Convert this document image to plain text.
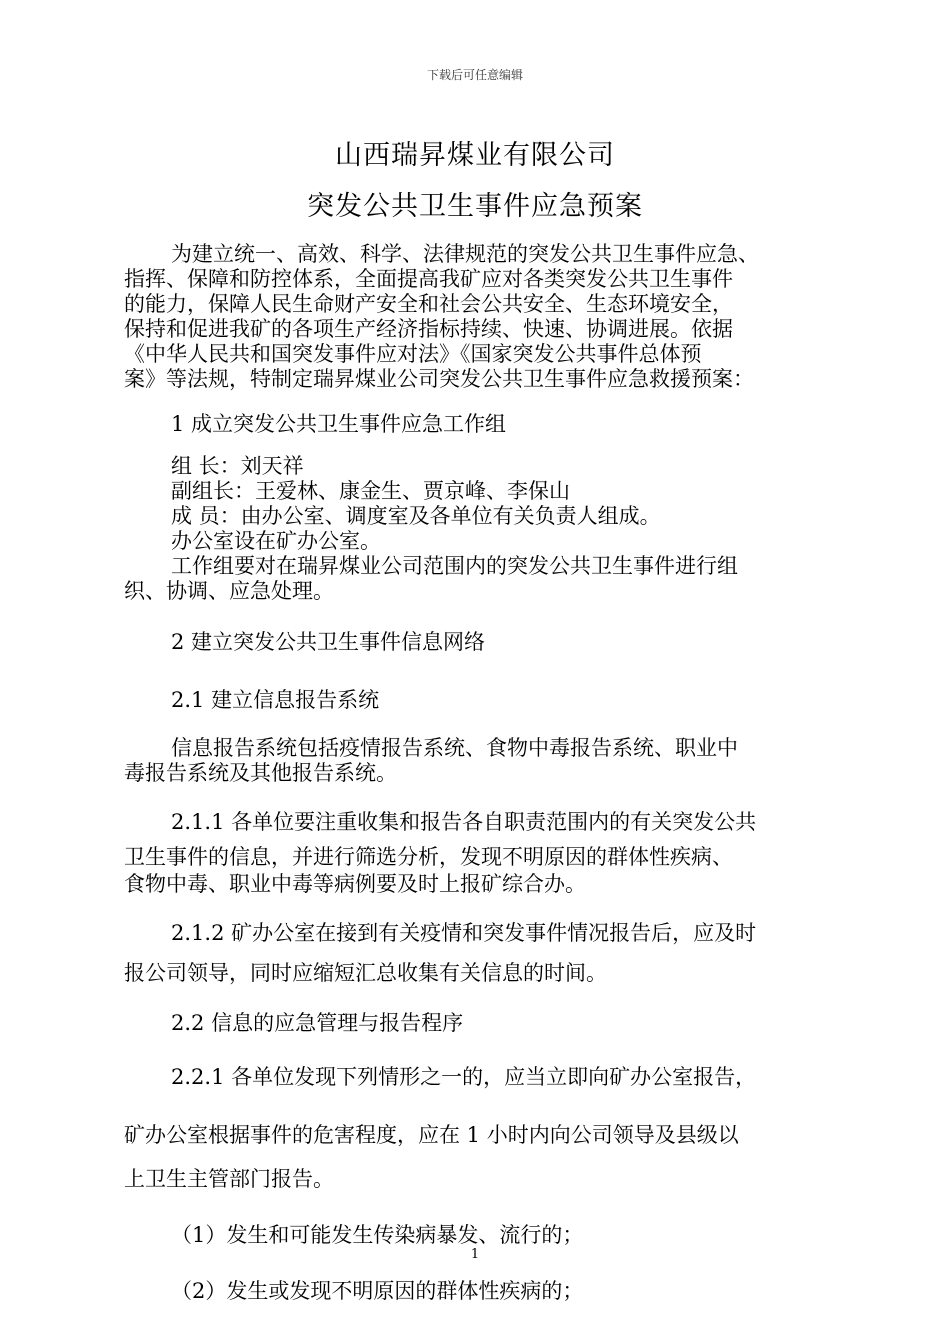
下载后可任意编辑
山西瑞昇煤业有限公司
突发公共卫生事件应急预案

为建立统一、高效、科学、法律规范的突发公共卫生事件应急、

指挥、保障和防控体系，全面提高我矿应对各类突发公共卫生事件

的能力，保障人民生命财产安全和社会公共安全、生态环境安全，

保持和促进我矿的各项生产经济指标持续、快速、协调进展。依据

《中华人民共和国突发事件应对法》《国家突发公共事件总体预

案》等法规，特制定瑞昇煤业公司突发公共卫生事件应急救援预案：

1 成立突发公共卫生事件应急工作组

组 长：刘天祥

副组长：王爱林、康金生、贾京峰、李保山

成 员：由办公室、调度室及各单位有关负责人组成。

办公室设在矿办公室。

工作组要对在瑞昇煤业公司范围内的突发公共卫生事件进行组

织、协调、应急处理。

2 建立突发公共卫生事件信息网络

2.1 建立信息报告系统

信息报告系统包括疫情报告系统、食物中毒报告系统、职业中

毒报告系统及其他报告系统。

2.1.1 各单位要注重收集和报告各自职责范围内的有关突发公共

卫生事件的信息，并进行筛选分析，发现不明原因的群体性疾病、

食物中毒、职业中毒等病例要及时上报矿综合办。

2.1.2 矿办公室在接到有关疫情和突发事件情况报告后，应及时

报公司领导，同时应缩短汇总收集有关信息的时间。

2.2 信息的应急管理与报告程序

2.2.1 各单位发现下列情形之一的，应当立即向矿办公室报告，

矿办公室根据事件的危害程度，应在 1 小时内向公司领导及县级以

上卫生主管部门报告。

（1）发生和可能发生传染病暴发、流行的；

（2）发生或发现不明原因的群体性疾病的；

1
